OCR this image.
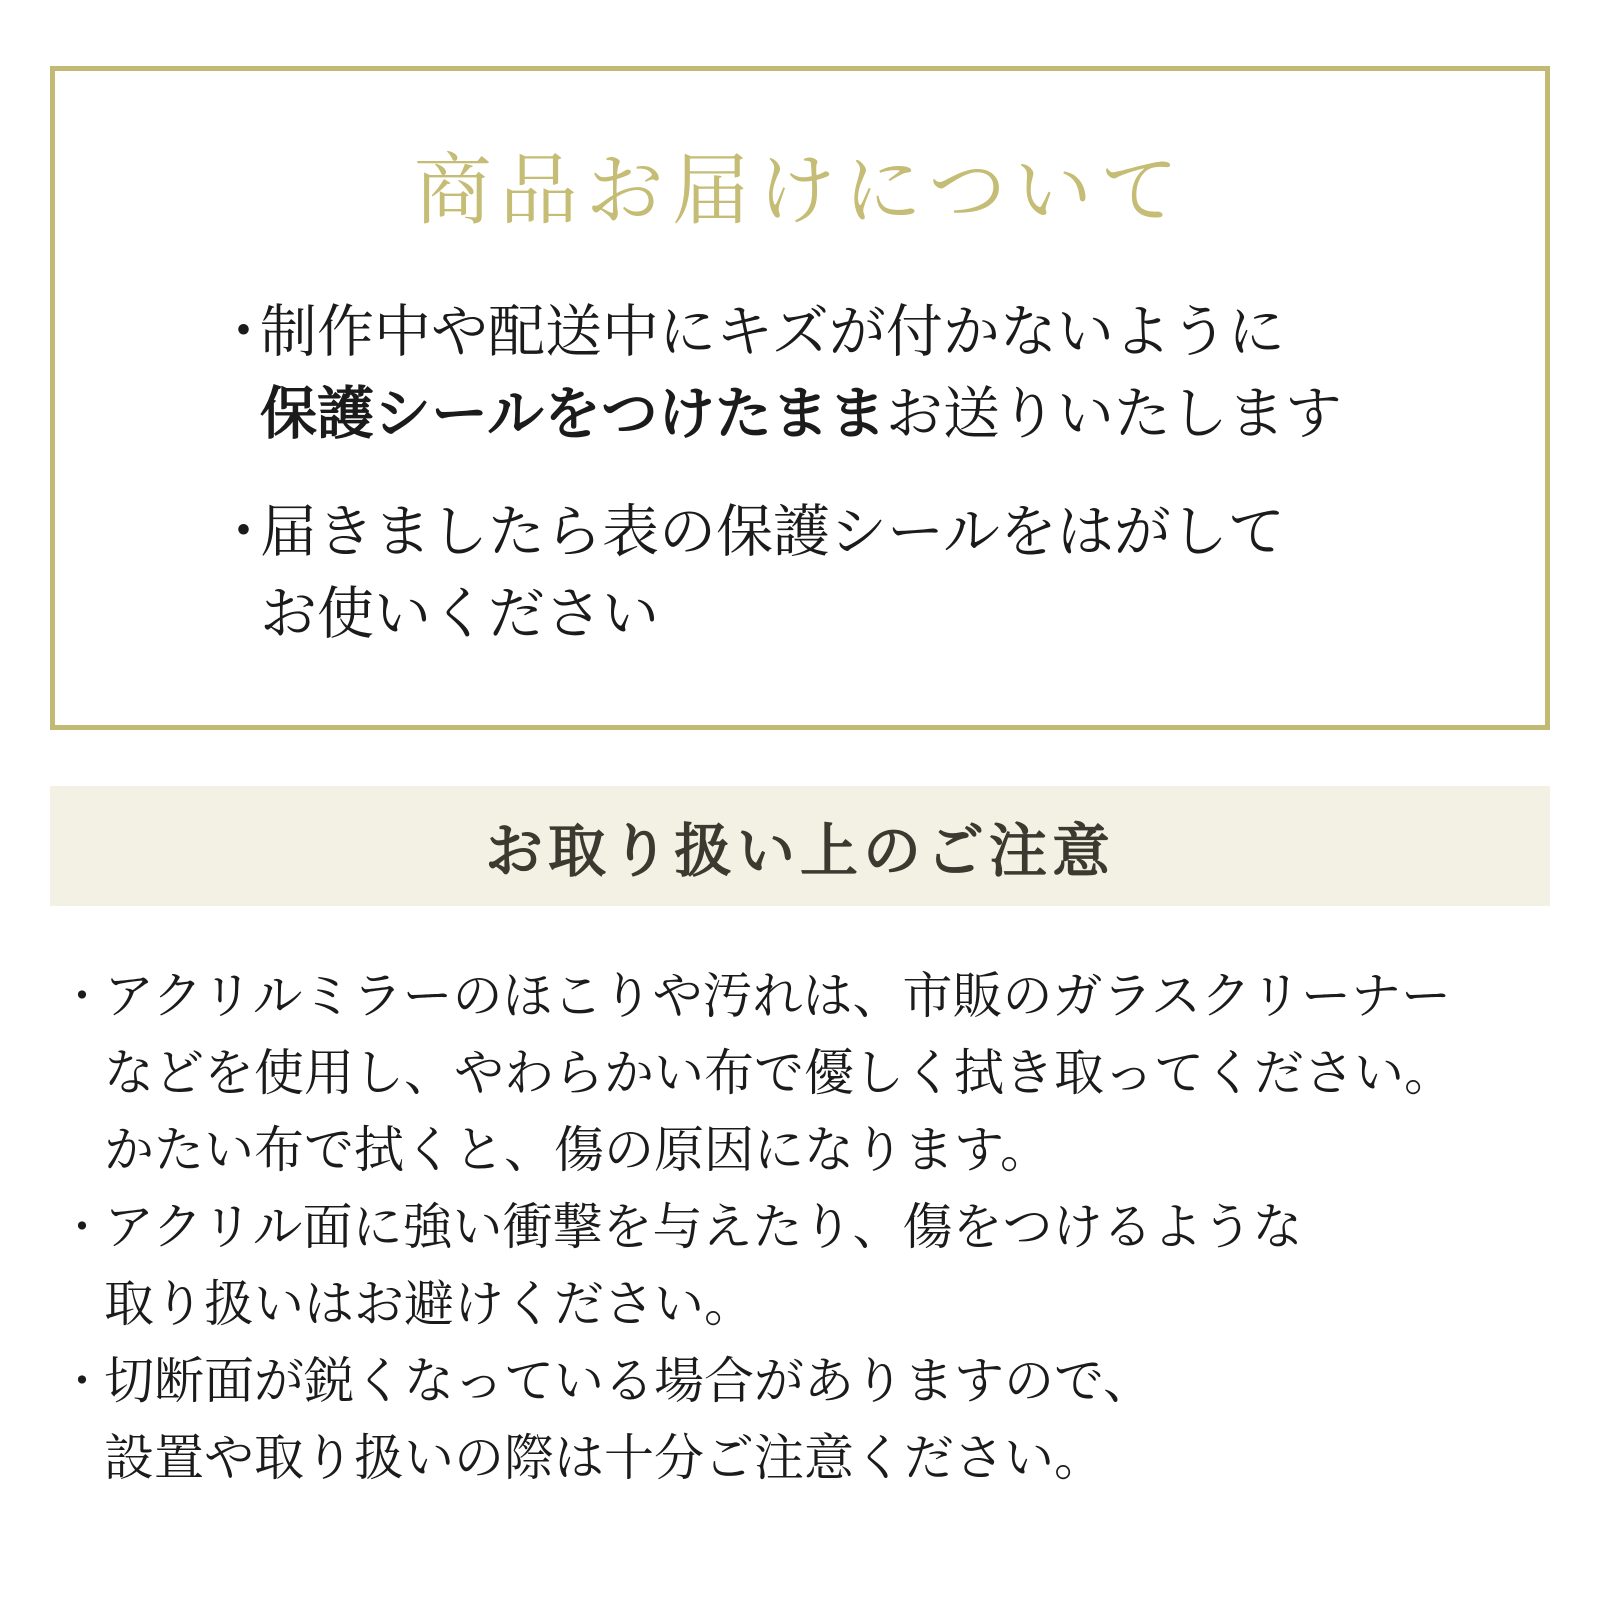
商品お届けについて
・
制作中や配送中にキズが付かないように
保護シールをつけたままお送りいたします
・
届きましたら表の保護シールをはがして
お使いください
お取り扱い上のご注意
・ アクリルミラーのほこりや汚れは、市販のガラスクリーナー
などを使用し、やわらかい布で優しく拭き取ってください。
かたい布で拭くと、傷の原因になります。
・ アクリル面に強い衝撃を与えたり、傷をつけるような
取り扱いはお避けください。
・ 切断面が鋭くなっている場合がありますので、
設置や取り扱いの際は十分ご注意ください。
